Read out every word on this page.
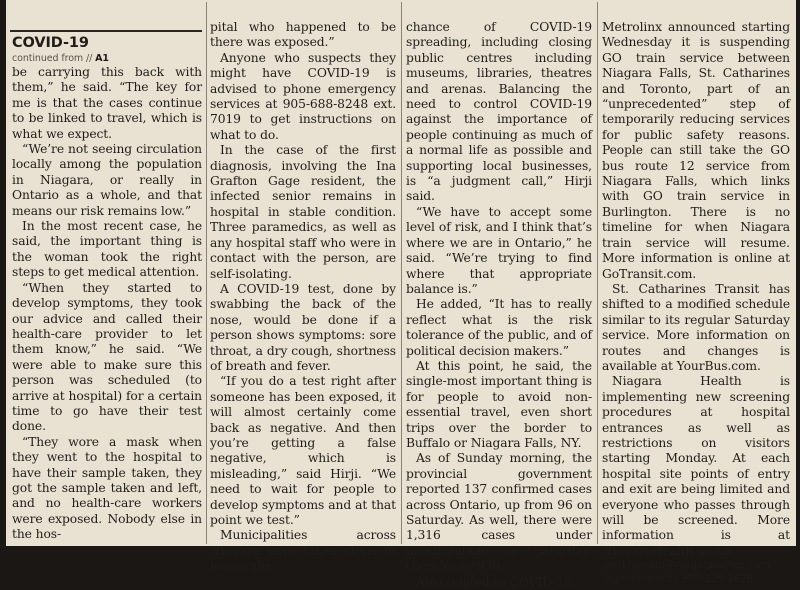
COVID-19

continued from // A1

be carrying this back with them,” he said. “The key for me is that the cases continue to be linked to travel, which is what we expect.

“We’re not seeing circulation locally among the population in Niagara, or really in Ontario as a whole, and that means our risk remains low.”

In the most recent case, he said, the important thing is the woman took the right steps to get medical attention.

“When they started to develop symptoms, they took our advice and called their health-care provider to let them know,” he said. “We were able to make sure this person was scheduled (to arrive at hospital) for a certain time to go have their test done.

“They wore a mask when they went to the hospital to have their sample taken, they got the sample taken and left, and no health-care workers were exposed. Nobody else in the hos-

pital who happened to be there was exposed.”

Anyone who suspects they might have COVID-19 is advised to phone emergency services at 905-688-8248 ext. 7019 to get instructions on what to do.

In the case of the first diagnosis, involving the Ina Grafton Gage resident, the infected senior remains in hospital in stable condition. Three paramedics, as well as any hospital staff who were in contact with the person, are self-isolating.

A COVID-19 test, done by swabbing the back of the nose, would be done if a person shows symptoms: sore throat, a dry cough, shortness of breath and fever.

“If you do a test right after someone has been exposed, it will almost certainly come back as negative. And then you’re getting a false negative, which is misleading,” said Hirji. “We need to wait for people to develop symptoms and at that point we test.”

Municipalities across Niagara have taken steps to lessen the

chance of COVID-19 spreading, including closing public centres including museums, libraries, theatres and arenas. Balancing the need to control COVID-19 against the importance of people continuing as much of a normal life as possible and supporting local businesses, is “a judgment call,” Hirji said.

“We have to accept some level of risk, and I think that’s where we are in Ontario,” he said. “We’re trying to find where that appropriate balance is.”

He added, “It has to really reflect what is the risk tolerance of the public, and of political decision makers.”

At this point, he said, the single-most important thing is for people to avoid non-essential travel, even short trips over the border to Buffalo or Niagara Falls, NY.

As of Sunday morning, the provincial government reported 137 confirmed cases across Ontario, up from 96 on Saturday. As well, there were 1,316 cases under investigation; on Saturday, there were 939.

Also related to COVID-19:

Metrolinx announced starting Wednesday it is suspending GO train service between Niagara Falls, St. Catharines and Toronto, part of an “unprecedented” step of temporarily reducing services for public safety reasons. People can still take the GO bus route 12 service from Niagara Falls, which links with GO train service in Burlington. There is no timeline for when Niagara train service will resume. More information is online at GoTransit.com.

St. Catharines Transit has shifted to a modified schedule similar to its regular Saturday service. More information on routes and changes is available at YourBus.com.

Niagara Health is implementing new screening procedures at hospital entrances as well as restrictions on visitors starting Monday. At each hospital site points of entry and exit are being limited and everyone who passes through will be screened. More information is at NiagaraHealth.on.ca.

gord.howard@niagaradailies.com

@gordhoward | 905-225-1626
